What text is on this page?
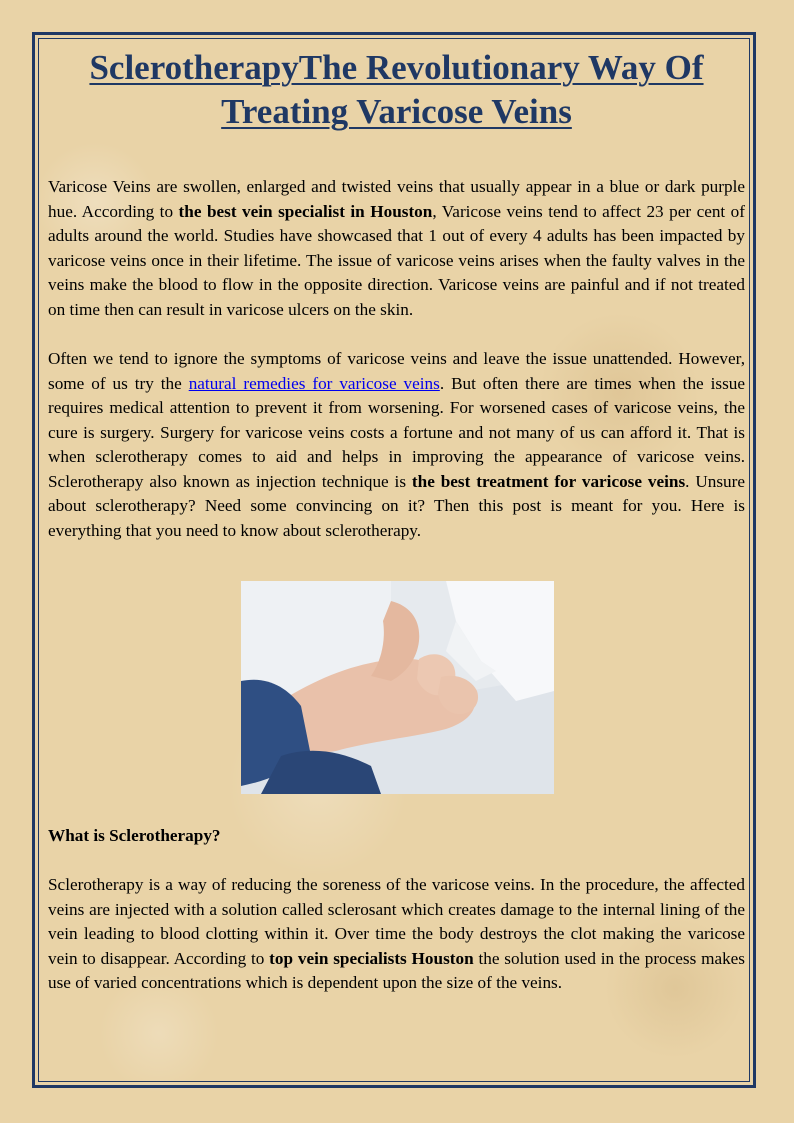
SclerotherapyThe Revolutionary Way Of Treating Varicose Veins

Varicose Veins are swollen, enlarged and twisted veins that usually appear in a blue or dark purple hue. According to the best vein specialist in Houston, Varicose veins tend to affect 23 per cent of adults around the world. Studies have showcased that 1 out of every 4 adults has been impacted by varicose veins once in their lifetime. The issue of varicose veins arises when the faulty valves in the veins make the blood to flow in the opposite direction. Varicose veins are painful and if not treated on time then can result in varicose ulcers on the skin.

Often we tend to ignore the symptoms of varicose veins and leave the issue unattended. However, some of us try the natural remedies for varicose veins. But often there are times when the issue requires medical attention to prevent it from worsening. For worsened cases of varicose veins, the cure is surgery. Surgery for varicose veins costs a fortune and not many of us can afford it. That is when sclerotherapy comes to aid and helps in improving the appearance of varicose veins. Sclerotherapy also known as injection technique is the best treatment for varicose veins. Unsure about sclerotherapy? Need some convincing on it? Then this post is meant for you. Here is everything that you need to know about sclerotherapy.

What is Sclerotherapy?

Sclerotherapy is a way of reducing the soreness of the varicose veins. In the procedure, the affected veins are injected with a solution called sclerosant which creates damage to the internal lining of the vein leading to blood clotting within it. Over time the body destroys the clot making the varicose vein to disappear. According to top vein specialists Houston the solution used in the process makes use of varied concentrations which is dependent upon the size of the veins.
